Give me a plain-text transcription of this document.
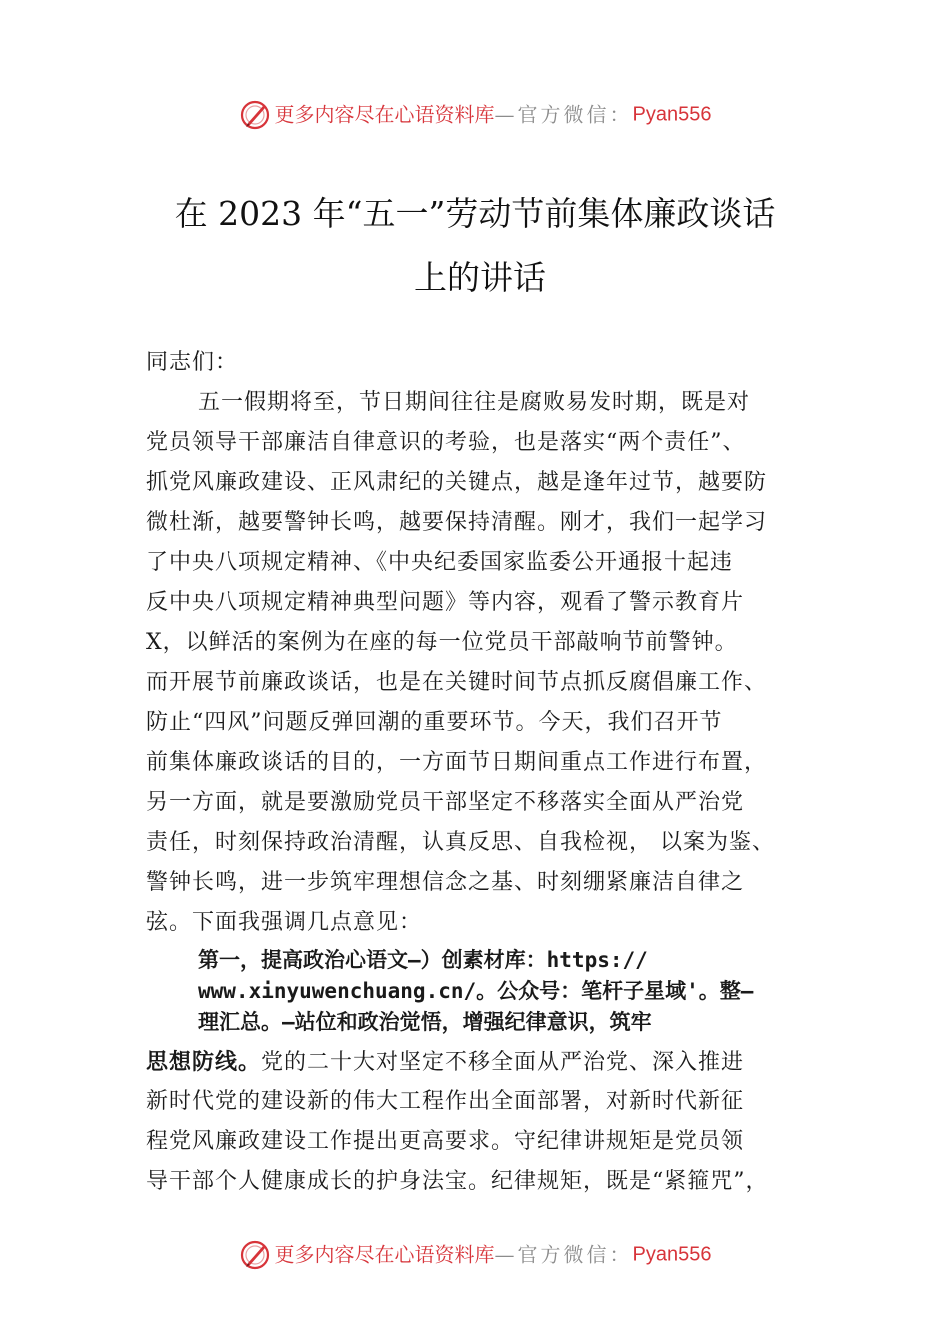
更多内容尽在心语资料库—官方微信：Pyan556
在 2023 年“五一”劳动节前集体廉政谈话
上的讲话
同志们：
五一假期将至，节日期间往往是腐败易发时期，既是对
党员领导干部廉洁自律意识的考验，也是落实“两个责任”、
抓党风廉政建设、正风肃纪的关键点，越是逢年过节，越要防
微杜渐，越要警钟长鸣，越要保持清醒。刚才，我们一起学习
了中央八项规定精神、《中央纪委国家监委公开通报十起违
反中央八项规定精神典型问题》等内容，观看了警示教育片
X，以鲜活的案例为在座的每一位党员干部敲响节前警钟。
而开展节前廉政谈话，也是在关键时间节点抓反腐倡廉工作、
防止“四风”问题反弹回潮的重要环节。今天，我们召开节
前集体廉政谈话的目的，一方面节日期间重点工作进行布置，
另一方面，就是要激励党员干部坚定不移落实全面从严治党
责任，时刻保持政治清醒，认真反思、自我检视， 以案为鉴、
警钟长鸣，进一步筑牢理想信念之基、时刻绷紧廉洁自律之
弦。下面我强调几点意见：
第一，提高政治心语文—）创素材库：https://
www.xinyuwenchuang.cn/。公众号：笔杆子星域'。整—
理汇总。—站位和政治觉悟，增强纪律意识，筑牢
思想防线。党的二十大对坚定不移全面从严治党、深入推进
新时代党的建设新的伟大工程作出全面部署，对新时代新征
程党风廉政建设工作提出更高要求。守纪律讲规矩是党员领
导干部个人健康成长的护身法宝。纪律规矩，既是“紧箍咒”，
更多内容尽在心语资料库—官方微信：Pyan556
